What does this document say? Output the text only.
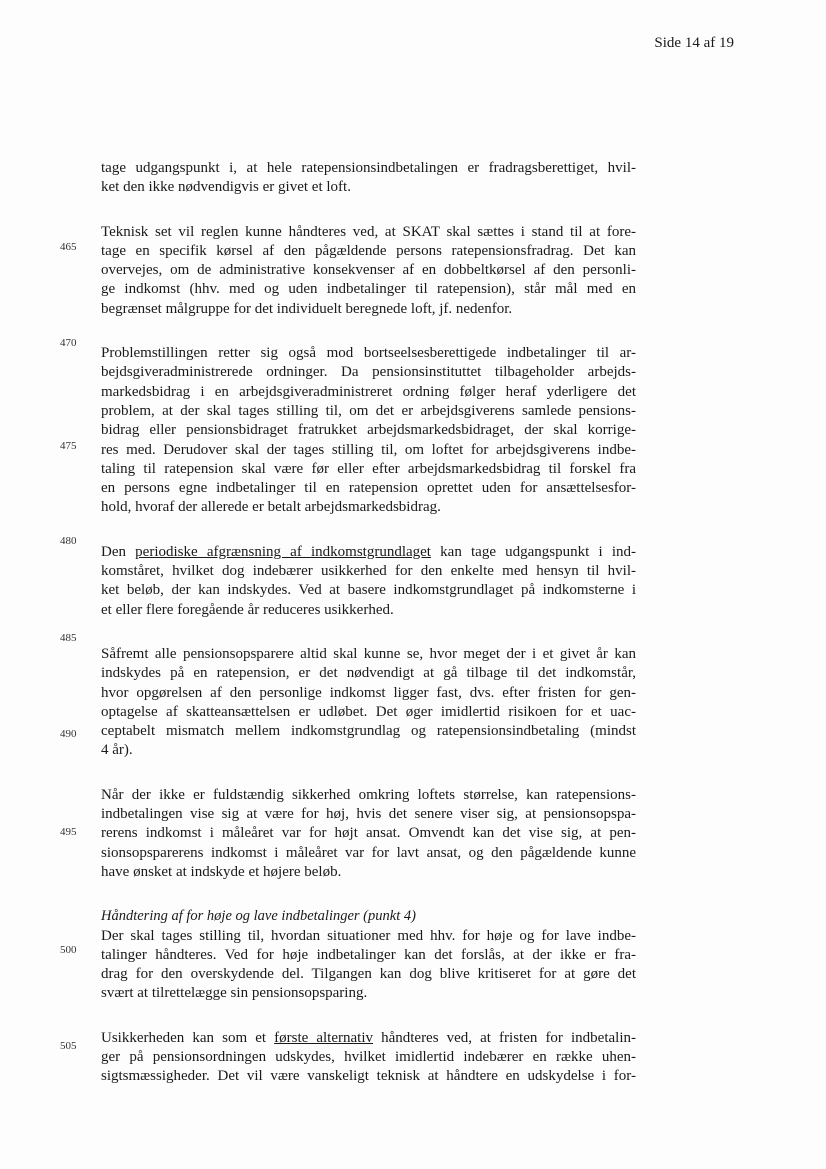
Side 14 af 19
465
470
475
480
485
490
495
500
505
tage udgangspunkt i, at hele ratepensionsindbetalingen er fradragsberettiget, hvil-
ket den ikke nødvendigvis er givet et loft.
Teknisk set vil reglen kunne håndteres ved, at SKAT skal sættes i stand til at fore-
tage en specifik kørsel af den pågældende persons ratepensionsfradrag. Det kan
overvejes, om de administrative konsekvenser af en dobbeltkørsel af den personli-
ge indkomst (hhv. med og uden indbetalinger til ratepension), står mål med en
begrænset målgruppe for det individuelt beregnede loft, jf. nedenfor.
Problemstillingen retter sig også mod bortseelsesberettigede indbetalinger til ar-
bejdsgiveradministrerede ordninger. Da pensionsinstituttet tilbageholder arbejds-
markedsbidrag i en arbejdsgiveradministreret ordning følger heraf yderligere det
problem, at der skal tages stilling til, om det er arbejdsgiverens samlede pensions-
bidrag eller pensionsbidraget fratrukket arbejdsmarkedsbidraget, der skal korrige-
res med. Derudover skal der tages stilling til, om loftet for arbejdsgiverens indbe-
taling til ratepension skal være før eller efter arbejdsmarkedsbidrag til forskel fra
en persons egne indbetalinger til en ratepension oprettet uden for ansættelsesfor-
hold, hvoraf der allerede er betalt arbejdsmarkedsbidrag.
Den periodiske afgrænsning af indkomstgrundlaget kan tage udgangspunkt i ind-
komståret, hvilket dog indebærer usikkerhed for den enkelte med hensyn til hvil-
ket beløb, der kan indskydes. Ved at basere indkomstgrundlaget på indkomsterne i
et eller flere foregående år reduceres usikkerhed.
Såfremt alle pensionsopsparere altid skal kunne se, hvor meget der i et givet år kan
indskydes på en ratepension, er det nødvendigt at gå tilbage til det indkomstår,
hvor opgørelsen af den personlige indkomst ligger fast, dvs. efter fristen for gen-
optagelse af skatteansættelsen er udløbet. Det øger imidlertid risikoen for et uac-
ceptabelt mismatch mellem indkomstgrundlag og ratepensionsindbetaling (mindst
4 år).
Når der ikke er fuldstændig sikkerhed omkring loftets størrelse, kan ratepensions-
indbetalingen vise sig at være for høj, hvis det senere viser sig, at pensionsopspa-
rerens indkomst i måleåret var for højt ansat. Omvendt kan det vise sig, at pen-
sionsopsparerens indkomst i måleåret var for lavt ansat, og den pågældende kunne
have ønsket at indskyde et højere beløb.

Håndtering af for høje og lave indbetalinger (punkt 4)

Der skal tages stilling til, hvordan situationer med hhv. for høje og for lave indbe-
talinger håndteres. Ved for høje indbetalinger kan det forslås, at der ikke er fra-
drag for den overskydende del. Tilgangen kan dog blive kritiseret for at gøre det
svært at tilrettelægge sin pensionsopsparing.
Usikkerheden kan som et første alternativ håndteres ved, at fristen for indbetalin-
ger på pensionsordningen udskydes, hvilket imidlertid indebærer en række uhen-
sigtsmæssigheder. Det vil være vanskeligt teknisk at håndtere en udskydelse i for-
